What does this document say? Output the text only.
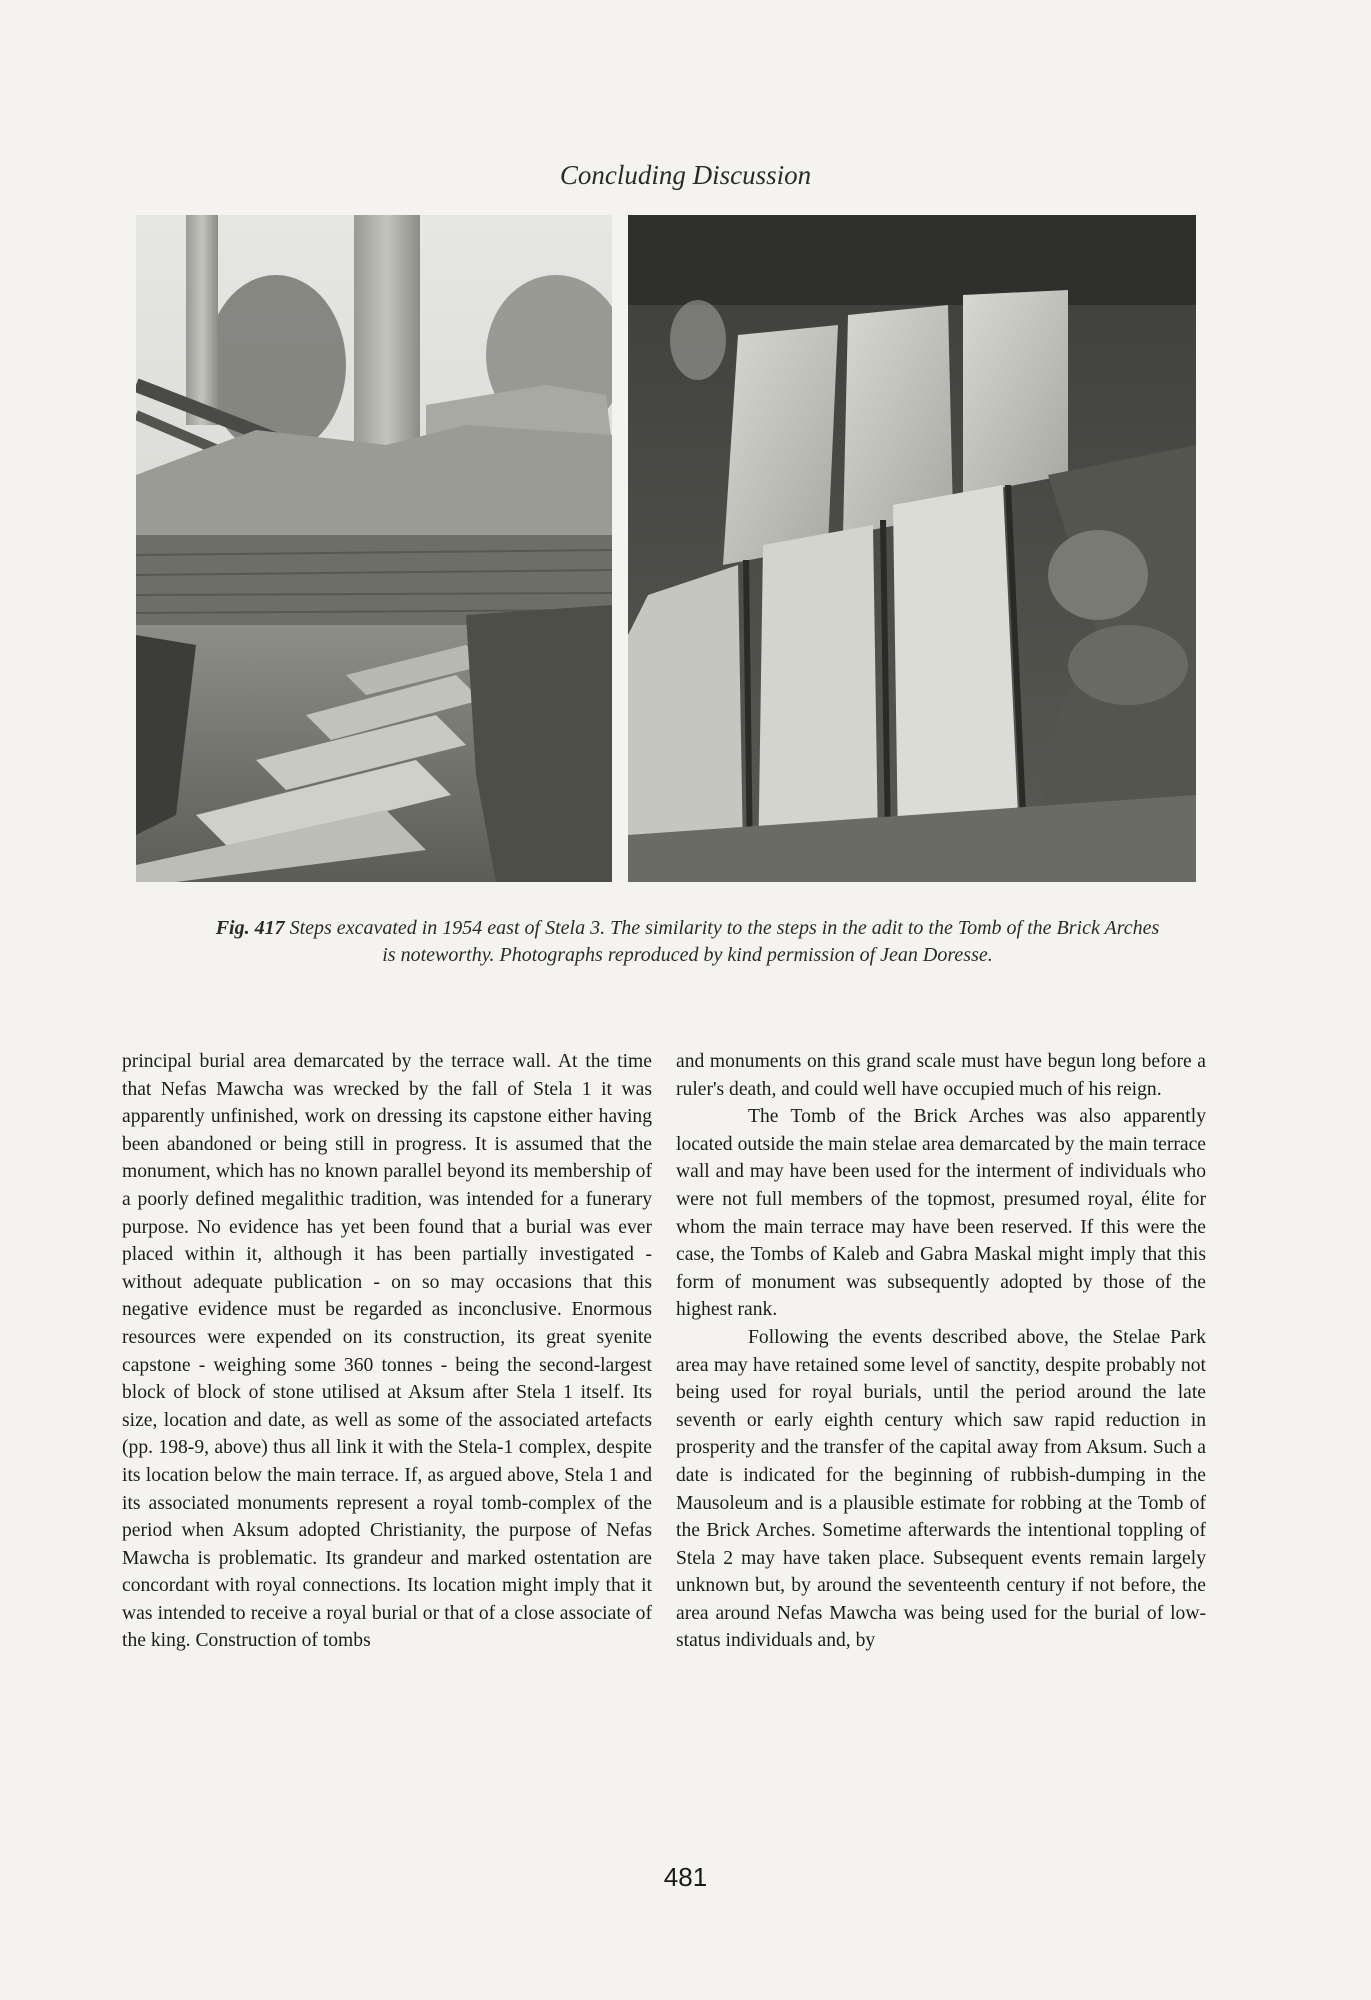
Concluding Discussion
Fig. 417 Steps excavated in 1954 east of Stela 3. The similarity to the steps in the adit to the Tomb of the Brick Arches is noteworthy. Photographs reproduced by kind permission of Jean Doresse.

principal burial area demarcated by the terrace wall. At the time that Nefas Mawcha was wrecked by the fall of Stela 1 it was apparently unfinished, work on dressing its capstone either having been abandoned or being still in progress. It is assumed that the monument, which has no known parallel beyond its membership of a poorly defined megalithic tradition, was intended for a funerary purpose. No evidence has yet been found that a burial was ever placed within it, although it has been partially investigated - without adequate publication - on so may occasions that this negative evidence must be regarded as inconclusive. Enormous resources were expended on its construction, its great syenite capstone - weighing some 360 tonnes - being the second-largest block of block of stone utilised at Aksum after Stela 1 itself. Its size, location and date, as well as some of the associated artefacts (pp. 198-9, above) thus all link it with the Stela-1 complex, despite its location below the main terrace. If, as argued above, Stela 1 and its associated monuments represent a royal tomb-complex of the period when Aksum adopted Christianity, the purpose of Nefas Mawcha is problematic. Its grandeur and marked ostentation are concordant with royal connections. Its location might imply that it was intended to receive a royal burial or that of a close associate of the king. Construction of tombs

and monuments on this grand scale must have begun long before a ruler's death, and could well have occupied much of his reign.

The Tomb of the Brick Arches was also apparently located outside the main stelae area demarcated by the main terrace wall and may have been used for the interment of individuals who were not full members of the topmost, presumed royal, élite for whom the main terrace may have been reserved. If this were the case, the Tombs of Kaleb and Gabra Maskal might imply that this form of monument was subsequently adopted by those of the highest rank.

Following the events described above, the Stelae Park area may have retained some level of sanctity, despite probably not being used for royal burials, until the period around the late seventh or early eighth century which saw rapid reduction in prosperity and the transfer of the capital away from Aksum. Such a date is indicated for the beginning of rubbish-dumping in the Mausoleum and is a plausible estimate for robbing at the Tomb of the Brick Arches. Sometime afterwards the intentional toppling of Stela 2 may have taken place. Subsequent events remain largely unknown but, by around the seventeenth century if not before, the area around Nefas Mawcha was being used for the burial of low-status individuals and, by

481
